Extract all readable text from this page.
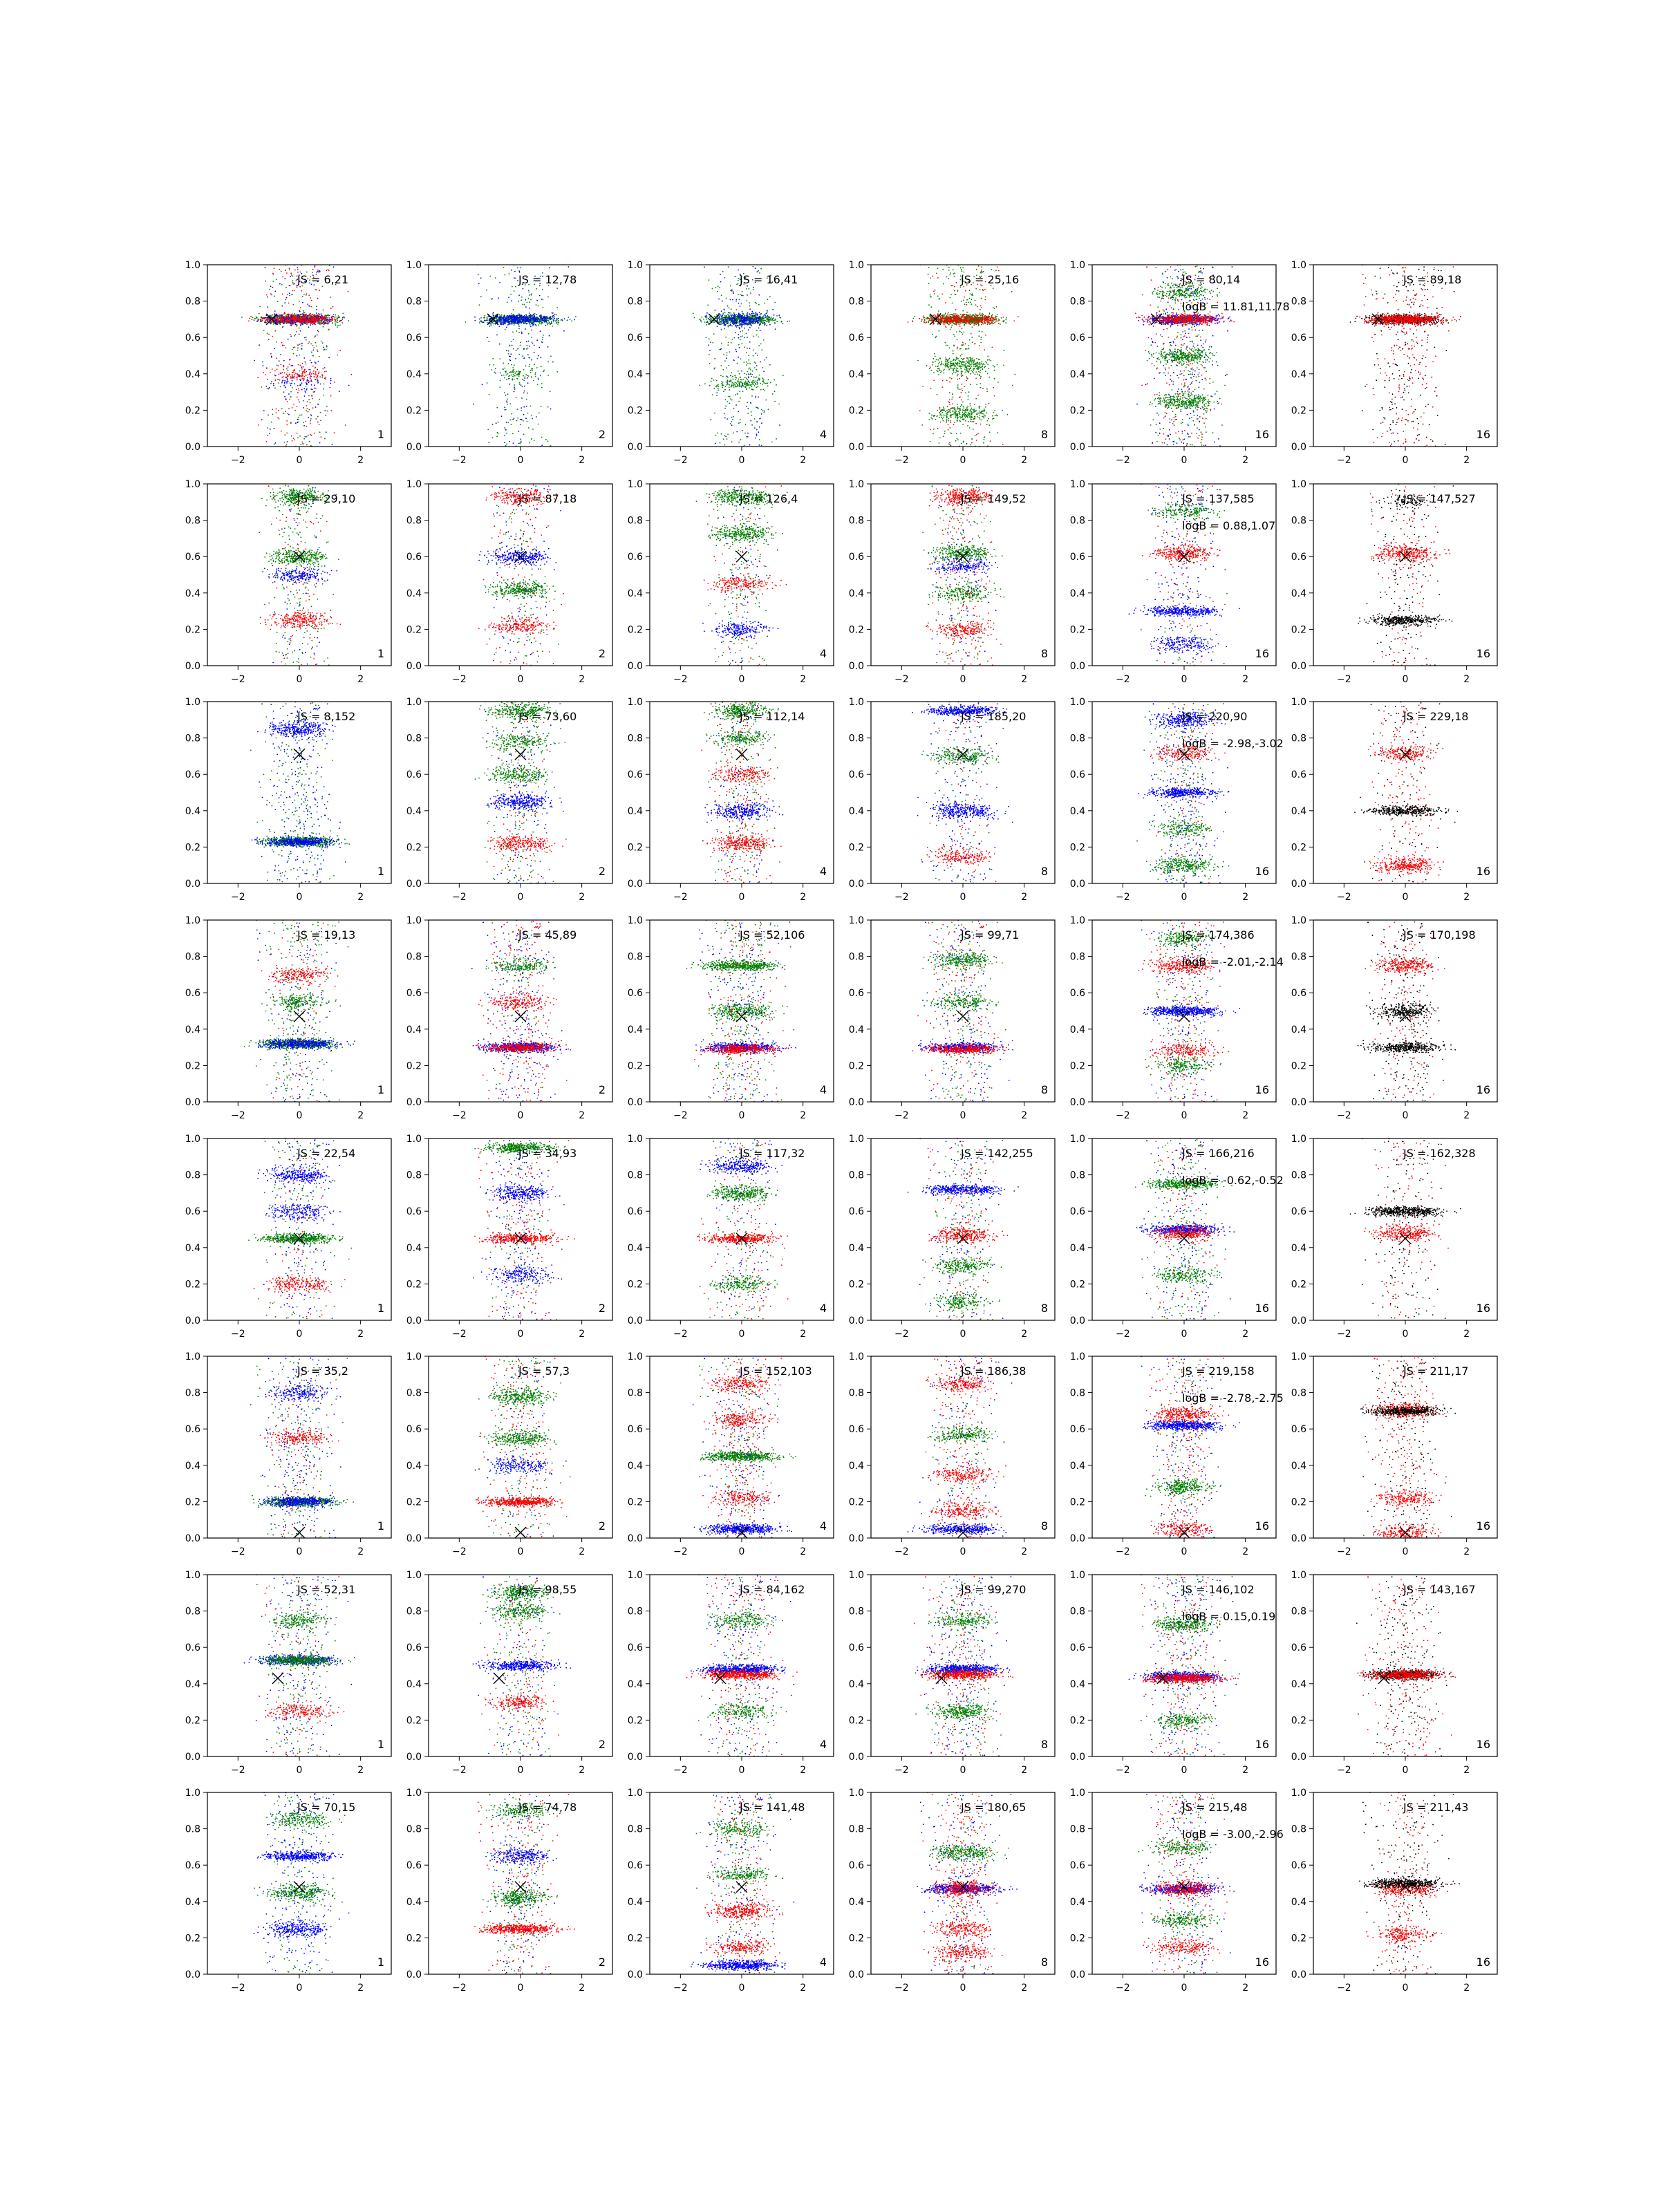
−2	0	2
0.0
0.2
0.4
0.6
0.8
1.0
JS = 6,21
1
−2	0	2
0.0
0.2
0.4
0.6
0.8
1.0
JS = 12,78
2
−2	0	2
0.0
0.2
0.4
0.6
0.8
1.0
JS = 16,41
4
−2	0	2
0.0
0.2
0.4
0.6
0.8
1.0
JS = 25,16
8
−2	0	2
0.0
0.2
0.4
0.6
0.8
1.0
JS = 80,14
logB = 11.81,11.78
16
−2	0	2
0.0
0.2
0.4
0.6
0.8
1.0
JS = 89,18
16
−2	0	2
0.0
0.2
0.4
0.6
0.8
1.0
JS = 29,10
1
−2	0	2
0.0
0.2
0.4
0.6
0.8
1.0
JS = 87,18
2
−2	0	2
0.0
0.2
0.4
0.6
0.8
1.0
JS = 126,4
4
−2	0	2
0.0
0.2
0.4
0.6
0.8
1.0
JS = 149,52
8
−2	0	2
0.0
0.2
0.4
0.6
0.8
1.0
JS = 137,585
logB = 0.88,1.07
16
−2	0	2
0.0
0.2
0.4
0.6
0.8
1.0
JS = 147,527
16
−2	0	2
0.0
0.2
0.4
0.6
0.8
1.0
JS = 8,152
1
−2	0	2
0.0
0.2
0.4
0.6
0.8
1.0
JS = 73,60
2
−2	0	2
0.0
0.2
0.4
0.6
0.8
1.0
JS = 112,14
4
−2	0	2
0.0
0.2
0.4
0.6
0.8
1.0
JS = 185,20
8
−2	0	2
0.0
0.2
0.4
0.6
0.8
1.0
JS = 220,90
logB = -2.98,-3.02
16
−2	0	2
0.0
0.2
0.4
0.6
0.8
1.0
JS = 229,18
16
−2	0	2
0.0
0.2
0.4
0.6
0.8
1.0
JS = 19,13
1
−2	0	2
0.0
0.2
0.4
0.6
0.8
1.0
JS = 45,89
2
−2	0	2
0.0
0.2
0.4
0.6
0.8
1.0
JS = 52,106
4
−2	0	2
0.0
0.2
0.4
0.6
0.8
1.0
JS = 99,71
8
−2	0	2
0.0
0.2
0.4
0.6
0.8
1.0
JS = 174,386
logB = -2.01,-2.14
16
−2	0	2
0.0
0.2
0.4
0.6
0.8
1.0
JS = 170,198
16
−2	0	2
0.0
0.2
0.4
0.6
0.8
1.0
JS = 22,54
1
−2	0	2
0.0
0.2
0.4
0.6
0.8
1.0
JS = 34,93
2
−2	0	2
0.0
0.2
0.4
0.6
0.8
1.0
JS = 117,32
4
−2	0	2
0.0
0.2
0.4
0.6
0.8
1.0
JS = 142,255
8
−2	0	2
0.0
0.2
0.4
0.6
0.8
1.0
JS = 166,216
logB = -0.62,-0.52
16
−2	0	2
0.0
0.2
0.4
0.6
0.8
1.0
JS = 162,328
16
−2	0	2
0.0
0.2
0.4
0.6
0.8
1.0
JS = 35,2
1
−2	0	2
0.0
0.2
0.4
0.6
0.8
1.0
JS = 57,3
2
−2	0	2
0.0
0.2
0.4
0.6
0.8
1.0
JS = 152,103
4
−2	0	2
0.0
0.2
0.4
0.6
0.8
1.0
JS = 186,38
8
−2	0	2
0.0
0.2
0.4
0.6
0.8
1.0
JS = 219,158
logB = -2.78,-2.75
16
−2	0	2
0.0
0.2
0.4
0.6
0.8
1.0
JS = 211,17
16
−2	0	2
0.0
0.2
0.4
0.6
0.8
1.0
JS = 52,31
1
−2	0	2
0.0
0.2
0.4
0.6
0.8
1.0
JS = 98,55
2
−2	0	2
0.0
0.2
0.4
0.6
0.8
1.0
JS = 84,162
4
−2	0	2
0.0
0.2
0.4
0.6
0.8
1.0
JS = 99,270
8
−2	0	2
0.0
0.2
0.4
0.6
0.8
1.0
JS = 146,102
logB = 0.15,0.19
16
−2	0	2
0.0
0.2
0.4
0.6
0.8
1.0
JS = 143,167
16
−2	0	2
0.0
0.2
0.4
0.6
0.8
1.0
JS = 70,15
1
−2	0	2
0.0
0.2
0.4
0.6
0.8
1.0
JS = 74,78
2
−2	0	2
0.0
0.2
0.4
0.6
0.8
1.0
JS = 141,48
4
−2	0	2
0.0
0.2
0.4
0.6
0.8
1.0
JS = 180,65
8
−2	0	2
0.0
0.2
0.4
0.6
0.8
1.0
JS = 215,48
logB = -3.00,-2.96
16
−2	0	2
0.0
0.2
0.4
0.6
0.8
1.0
JS = 211,43
16
